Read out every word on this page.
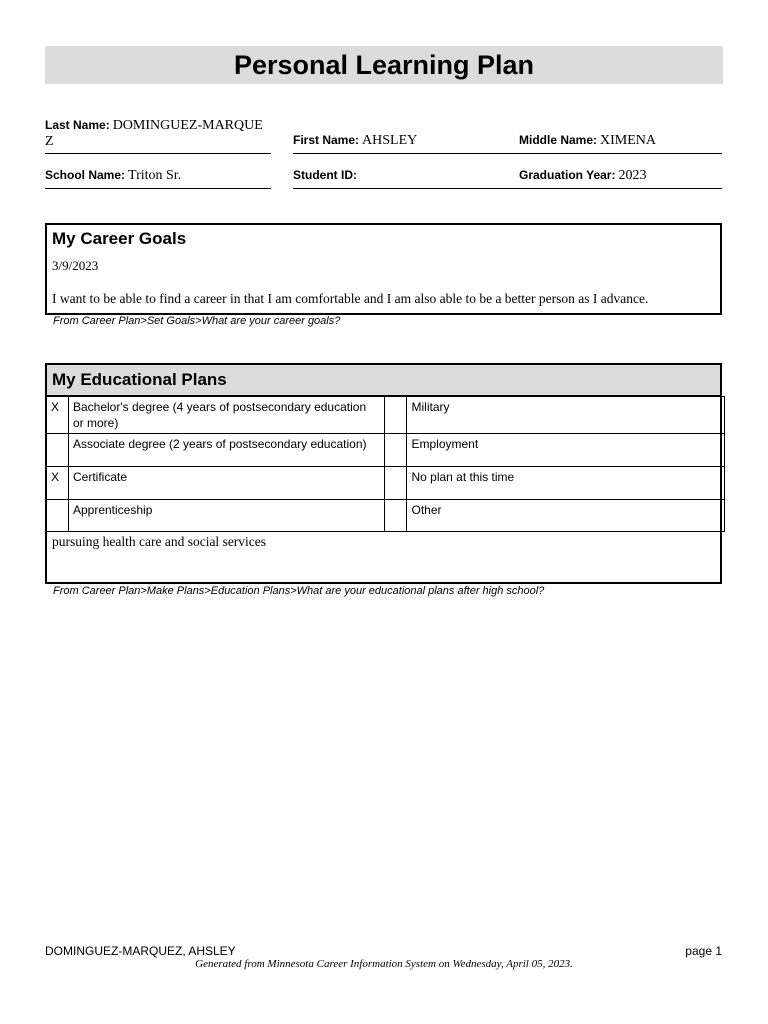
Personal Learning Plan
Last Name: DOMINGUEZ-MARQUEZ	First Name: AHSLEY	Middle Name: XIMENA
School Name: Triton Sr.	Student ID:	Graduation Year: 2023
My Career Goals
3/9/2023
I want to be able to find a career in that I am comfortable and I am also able to be a better person as I advance.
From Career Plan>Set Goals>What are your career goals?
My Educational Plans
X	Bachelor's degree (4 years of postsecondary education or more)		Military
	Associate degree (2 years of postsecondary education)		Employment
X	Certificate		No plan at this time
	Apprenticeship		Other
pursuing health care and social services
From Career Plan>Make Plans>Education Plans>What are your educational plans after high school?
DOMINGUEZ-MARQUEZ, AHSLEY	page 1
Generated from Minnesota Career Information System on Wednesday, April 05, 2023.
